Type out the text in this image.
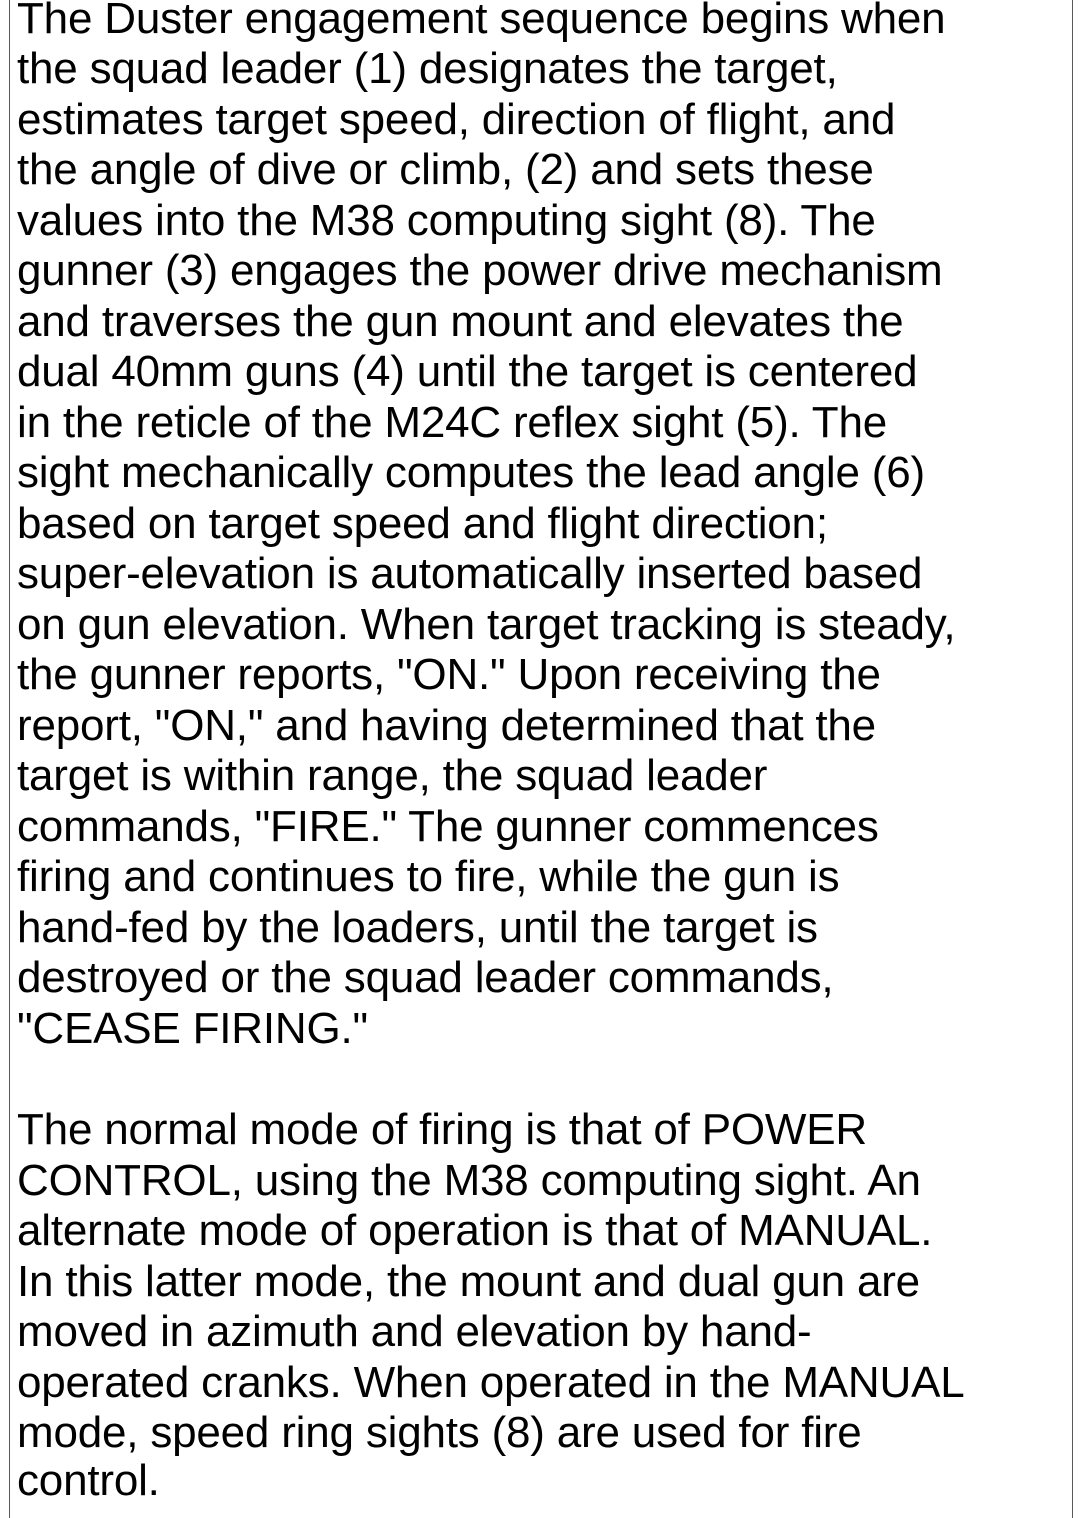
The Duster engagement sequence begins when
the squad leader (1) designates the target,
estimates target speed, direction of flight, and
the angle of dive or climb, (2) and sets these
values into the M38 computing sight (8). The
gunner (3) engages the power drive mechanism
and traverses the gun mount and elevates the
dual 40mm guns (4) until the target is centered
in the reticle of the M24C reflex sight (5). The
sight mechanically computes the lead angle (6)
based on target speed and flight direction;
super-elevation is automatically inserted based
on gun elevation. When target tracking is steady,
the gunner reports, "ON." Upon receiving the
report, "ON," and having determined that the
target is within range, the squad leader
commands, "FIRE." The gunner commences
firing and continues to fire, while the gun is
hand-fed by the loaders, until the target is
destroyed or the squad leader commands,
"CEASE FIRING."
The normal mode of firing is that of POWER
CONTROL, using the M38 computing sight. An
alternate mode of operation is that of MANUAL.
In this latter mode, the mount and dual gun are
moved in azimuth and elevation by hand-
operated cranks. When operated in the MANUAL
mode, speed ring sights (8) are used for fire
control.
